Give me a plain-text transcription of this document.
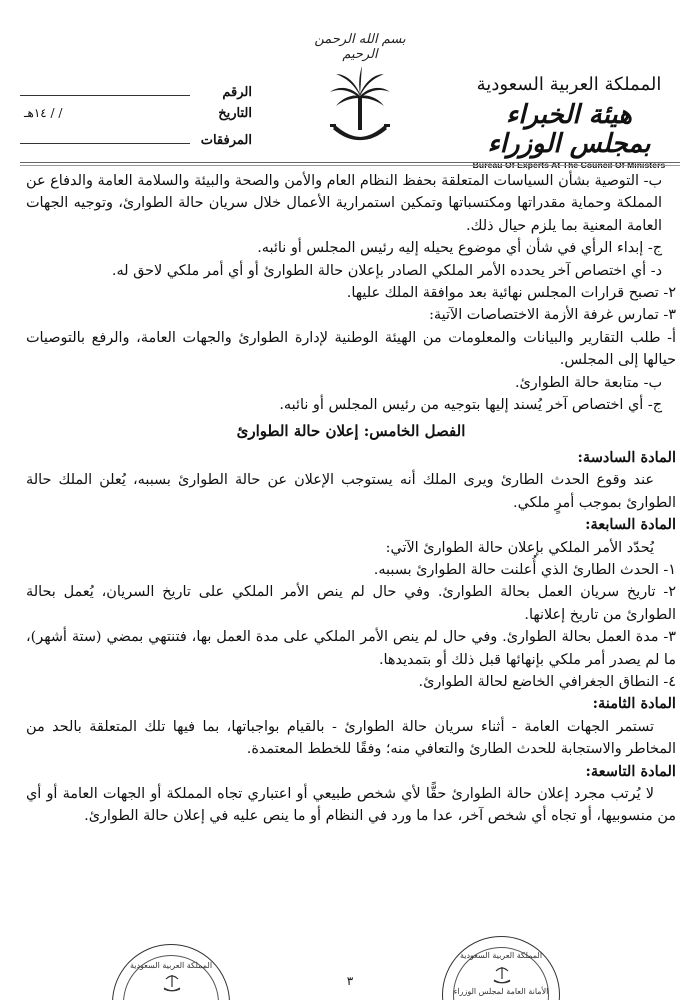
بسم الله الرحمن الرحيم
المملكة العربية السعودية
هيئة الخبراء بمجلس الوزراء
Bureau Of Experts At The Council Of Ministers
الرقم
التاريخ
/ / ١٤هـ
المرفقات

ب- التوصية بشأن السياسات المتعلقة بحفظ النظام العام والأمن والصحة والبيئة والسلامة العامة والدفاع عن المملكة وحماية مقدراتها ومكتسباتها وتمكين استمرارية الأعمال خلال سريان حالة الطوارئ، وتوجيه الجهات العامة المعنية بما يلزم حيال ذلك.

ج- إبداء الرأي في شأن أي موضوع يحيله إليه رئيس المجلس أو نائبه.

د- أي اختصاص آخر يحدده الأمر الملكي الصادر بإعلان حالة الطوارئ أو أي أمر ملكي لاحق له.

٢- تصبح قرارات المجلس نهائية بعد موافقة الملك عليها.

٣- تمارس غرفة الأزمة الاختصاصات الآتية:

أ- طلب التقارير والبيانات والمعلومات من الهيئة الوطنية لإدارة الطوارئ والجهات العامة، والرفع بالتوصيات حيالها إلى المجلس.

ب- متابعة حالة الطوارئ.

ج- أي اختصاص آخر يُسند إليها بتوجيه من رئيس المجلس أو نائبه.

الفصل الخامس: إعلان حالة الطوارئ

المادة السادسة:

عند وقوع الحدث الطارئ ويرى الملك أنه يستوجب الإعلان عن حالة الطوارئ بسببه، يُعلن الملك حالة الطوارئ بموجب أمرٍ ملكي.

المادة السابعة:

يُحدّد الأمر الملكي بإعلان حالة الطوارئ الآتي:

١- الحدث الطارئ الذي أُعلنت حالة الطوارئ بسببه.

٢- تاريخ سريان العمل بحالة الطوارئ. وفي حال لم ينص الأمر الملكي على تاريخ السريان، يُعمل بحالة الطوارئ من تاريخ إعلانها.

٣- مدة العمل بحالة الطوارئ. وفي حال لم ينص الأمر الملكي على مدة العمل بها، فتنتهي بمضي (ستة أشهر)، ما لم يصدر أمر ملكي بإنهائها قبل ذلك أو بتمديدها.

٤- النطاق الجغرافي الخاضع لحالة الطوارئ.

المادة الثامنة:

تستمر الجهات العامة - أثناء سريان حالة الطوارئ - بالقيام بواجباتها، بما فيها تلك المتعلقة بالحد من المخاطر والاستجابة للحدث الطارئ والتعافي منه؛ وفقًا للخطط المعتمدة.

المادة التاسعة:

لا يُرتب مجرد إعلان حالة الطوارئ حقًّا لأي شخص طبيعي أو اعتباري تجاه المملكة أو الجهات العامة أو أي من منسوبيها، أو تجاه أي شخص آخر، عدا ما ورد في النظام أو ما ينص عليه في إعلان حالة الطوارئ.

المملكة العربية السعودية
المملكة العربية السعودية
الأمانة العامة لمجلس الوزراء
٣
